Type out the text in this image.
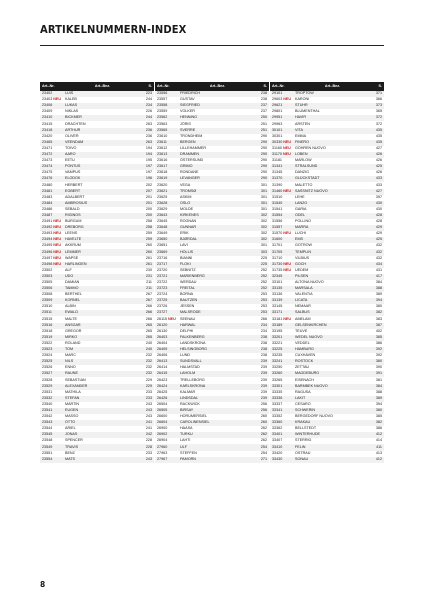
ARTIKELNUMMERN-INDEX
Art.-Nr.	Art.-Bez.	S.
23402	LUIS	223
23403NEU	KALEB	244
23406	LUKAS	234
23409	NIKLAS	226
23410	BICKMER	244
23415	DRACHTEN	263
23418	ARTHUR	236
23420	OLIVER	236
23465	VEENDAM	263
23471	TOIVO	194
23472	AARO	194
23473	EETU	195
23474	PONTUS	197
23475	VAMPUS	197
23476	ELODOK	196
23480	HERBERT	202
23481	EGBERT	207
23483	ADALBERT	201
23484	AMBROSIUS	201
23486	SEBALD	200
23487	RIGINOS	200
23491NEU	BURGUM	258
23492NEU	DREBORG	258
23493NEU	LEENS	259
23494NEU	HAVELTE	259
23495NEU	AKKRUM	260
23496NEU	LEMMER	260
23497NEU	WAPSE	261
23498NEU	HARLINGEN	261
23502	ALF	230
23503	UDO	231
23505	DAMIAN	211
23506	TAMMO	211
23508	BERTHEL	267
23509	KORNEL	267
23510	ALBIN	266
23511	EWALD	266
23515	MALTE	266
23516	ANSGAR	265
23518	GREGOR	265
23519	MIRKO	265
23522	ROLAND	240
23523	TOM	240
23524	MARC	232
23525	NILS	232
23526	ENNO	232
23527	RAUNE	232
23528	SEBASTIAN	229
23529	ALEXANDER	229
23531	MATHILA	233
23532	STEFAN	233
23540	MARTIN	243
23541	EUGEN	243
23542	MASSO	243
23543	OTTO	241
23544	ARIEL	241
23545	JONAS	242
23548	SPENCER	228
23549	TRAVIS	228
23551	BENZ	233
23554	MATS	243
Art.-Nr.	Art.-Bez.	S.
23556	FRIEDRICH	238
23557	GUSTAV	238
23558	SIEGFRIED	237
23559	VOLKER	237
23562	HENNING	250
23563	JÖRIS	251
23565	SVERRE	251
23610	TRONDHEIM	290
23611	BERGEN	290
23612	LILLEHAMMER	290
23613	DRAMMEN	290
23616	ÖSTERSUND	290
23617	GRIMO	290
23618	RONDANE	290
23619	LEVANGER	290
23620	VEGA	301
23621	TROMSØ	301
23625	ASKIM	301
23628	OSLO	301
23629	MOLDE	301
23643	KIRKENES	302
23645	ROGNAN	302
23648	GUNNAR	302
23649	ERIK	302
23650	BJØRDAL	302
23651	LAVI	301
23669	HOLLIS	303
23716	BIANNI	225
23717	FLOKI	225
23720	SEBNITZ	252
23721	MARIENBERG	252
23722	WERDAU	252
23723	FREITAL	252
23724	BORNA	253
23725	BAUTZEN	253
23726	JESSEN	253
23727	MALSRODE	253
26115NEU	SEENAU	266
26120	HARWAL	234
26130	DELPHI	234
26403	FALKENBERG	238
26404	LANDSKRONA	238
26405	HELSINGBORG	238
26406	LUND	238
26413	SUNDSVALL	239
26414	HALMSTAD	239
26415	LAHOLM	239
26423	TRELLEBORG	239
26424	KARLSKRONA	239
26425	KALMAR	239
26426	LINDSDAL	239
26504	RACKWICK	256
26505	BIRSAY	256
26600	HORUMERSIEL	260
26604	CAROLINENSIEL	260
26900	HAASA	262
26902	TURKU	262
26904	LAHTI	262
27960	ULF	254
27963	STEFFEN	254
27967	PAMORN	271
Art.-Nr.	Art.-Bez.	S.
29101	TROPTOW	371
29603NEU	KARONI	366
29621	STUHR	373
29801	BLUMENTHAL	365
29951	HAVIR	372
29963	ARSTEN	372
30101	VITA	435
30301	EMMA	435
30330NEU	FINERO	435
31160NEU	GÖHREN NUOVO	427
31170NEU	LOBEN	426
31181	MARLOW	426
31341	STRALSUND	425
31345	DANZIG	426
31370	GLÜCKSTADT	433
31390	MALETTO	433
31460NEU	SASSNITZ NUOVO	427
31510	LEHE	397
31540	LANZO	430
31541	GARIA	430
31554	ODEL	428
31556	POLLINO	428
31557	MARRA	429
31570NEU	LUCHI	429
31600	EMS	425
31701	GOTROW	432
31705	TEMPLIN	432
31710	VILBIUS	432
31730NEU	GOCH	434
31735NEU	UEDEM	431
32345	PILSEN	417
33101	ALTONA NUOVO	384
33135	MARSALA	388
33136	VALENTIA	389
33139	LICATA	394
33145	NEMAAR	380
33171	SALBUS	382
33181NEU	AMELAM	383
33189	GELSENKIRCHEN	387
33195	TEUVE	402
33201	WEDEL NUOVO	385
33221	VEDDEL	386
33225	HAMBURG	392
33235	CUXHAVEN	392
33241	ROSTOCK	380
33250	ZETTAU	390
33260	MAGDEBURG	391
33265	EISENACH	381
33301	BARMBEK NUOVO	384
33335	RAGUSA	388
33336	LAKIT	389
33337	CESARO	394
33341	SCHWERIN	380
33352	BERGEDORF NUOVO	385
33360	KRAKAU	382
33362	BELLSTEDT	386
33401	WINTERHUDE	412
33407	STERRIG	414
33410	FELIN	411
33420	OSTRAU	413
33430	SONAU	412
8
